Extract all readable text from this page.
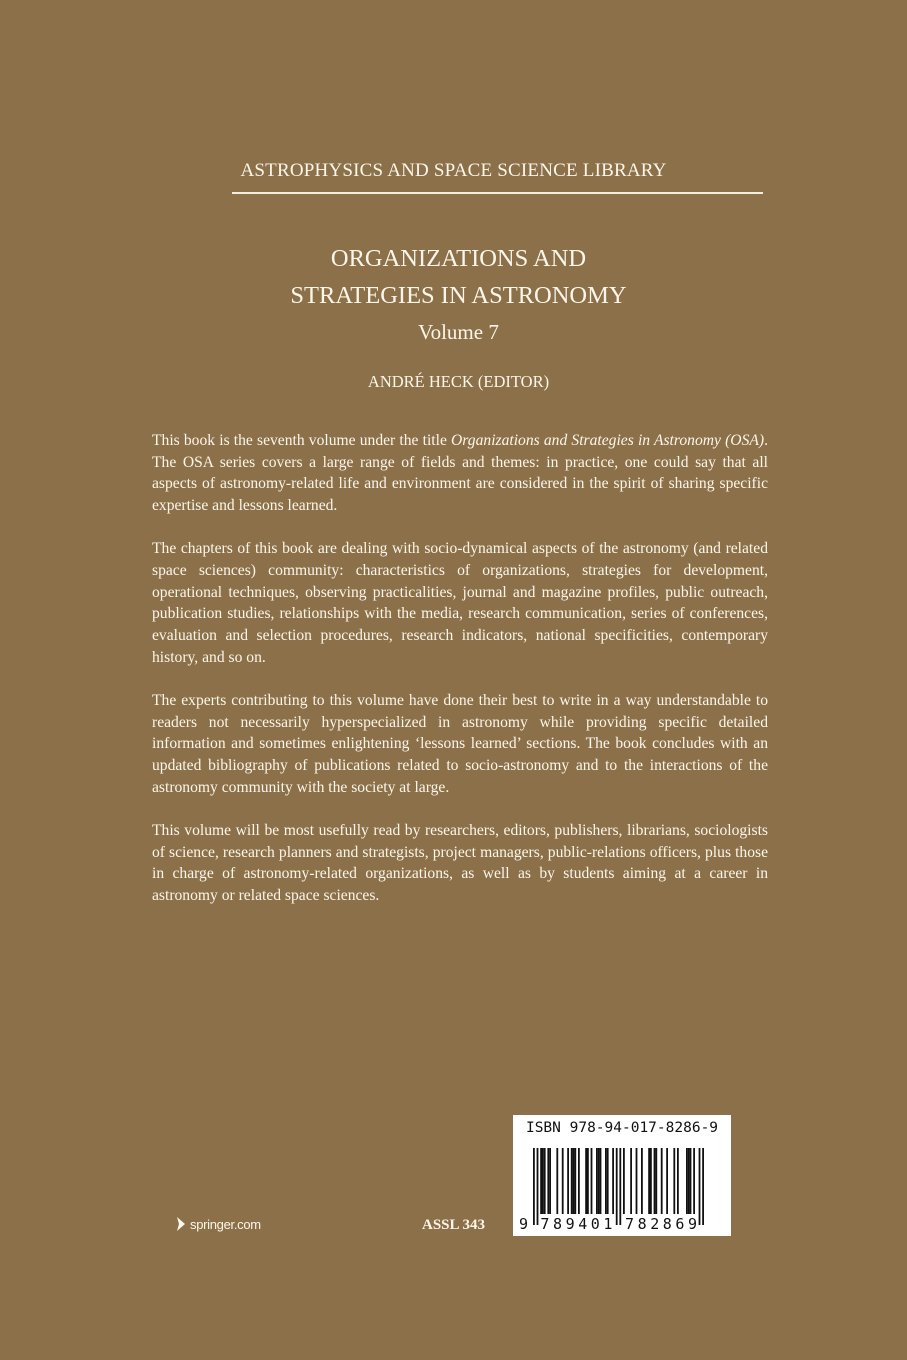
ASTROPHYSICS AND SPACE SCIENCE LIBRARY
ORGANIZATIONS AND
STRATEGIES IN ASTRONOMY
Volume 7
ANDRÉ HECK (EDITOR)

This book is the seventh volume under the title Organizations and Strategies in Astronomy (OSA). The OSA series covers a large range of fields and themes: in practice, one could say that all aspects of astronomy-related life and environment are considered in the spirit of sharing specific expertise and lessons learned.

The chapters of this book are dealing with socio-dynamical aspects of the astronomy (and related space sciences) community: characteristics of organizations, strategies for development, operational techniques, observing practicalities, journal and magazine profiles, public outreach, publication studies, relationships with the media, research communication, series of conferences, evaluation and selection procedures, research indicators, national specificities, contemporary history, and so on.

The experts contributing to this volume have done their best to write in a way understandable to readers not necessarily hyperspecialized in astronomy while providing specific detailed information and sometimes enlightening ‘lessons learned’ sections. The book concludes with an updated bibliography of publications related to socio-astronomy and to the interactions of the astronomy community with the society at large.

This volume will be most usefully read by researchers, editors, publishers, librarians, sociologists of science, research planners and strategists, project managers, public-relations officers, plus those in charge of astronomy-related organizations, as well as by students aiming at a career in astronomy or related space sciences.

springer.com	ASSL 343
ISBN 978-94-017-8286-9
9 7 8 9 4 0 1 7 8 2 8 6 9
